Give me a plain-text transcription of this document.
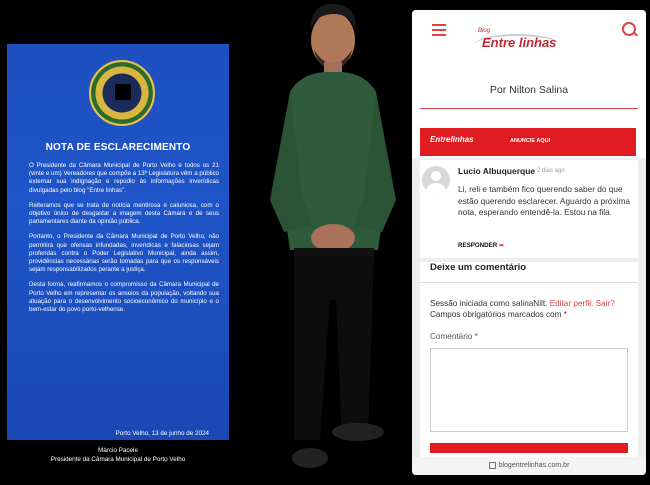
NOTA DE ESCLARECIMENTO

O Presidente da Câmara Municipal de Porto Velho e todos os 21 (vinte e um) Vereadores que compõe a 13ª Legislatura vêm a público externar sua indignação e repúdio às informações inverídicas divulgadas pelo blog "Entre linhas".

Reiteramos que se trata de notícia mentirosa e caluniosa, com o objetivo único de desgastar a imagem desta Câmara e de seus parlamentares diante da opinião pública.

Portanto, o Presidente da Câmara Municipal de Porto Velho, não permitirá que ofensas infundadas, inverídicas e falaciosas sejam proferidas contra o Poder Legislativo Municipal, ainda assim, providências necessárias serão tomadas para que os responsáveis sejam responsabilizados perante a justiça.

Desta forma, reafirmamos o compromisso da Câmara Municipal de Porto Velho em representar os anseios da população, voltando sua atuação para o desenvolvimento socioeconômico do município e o bem-estar do povo porto-velhense.

Porto Velho, 13 de junho de 2024
Márcio Pacele
Presidente da Câmara Municipal de Porto Velho
Blog
Entre linhas
Por Nilton Salina
Entrelinhas	ANUNCIE AQUI
Lucio Albuquerque 2 dias ago
Li, reli e também fico querendo saber do que estão querendo esclarecer. Aguardo a próxima nota, esperando entendê-la. Estou na fila.
RESPONDER ➦
Deixe um comentário
Sessão iniciada como salinaNilt. Editar perfil. Sair?
Campos obrigatórios marcados com *
Comentário *
blogentrelinhas.com.br
